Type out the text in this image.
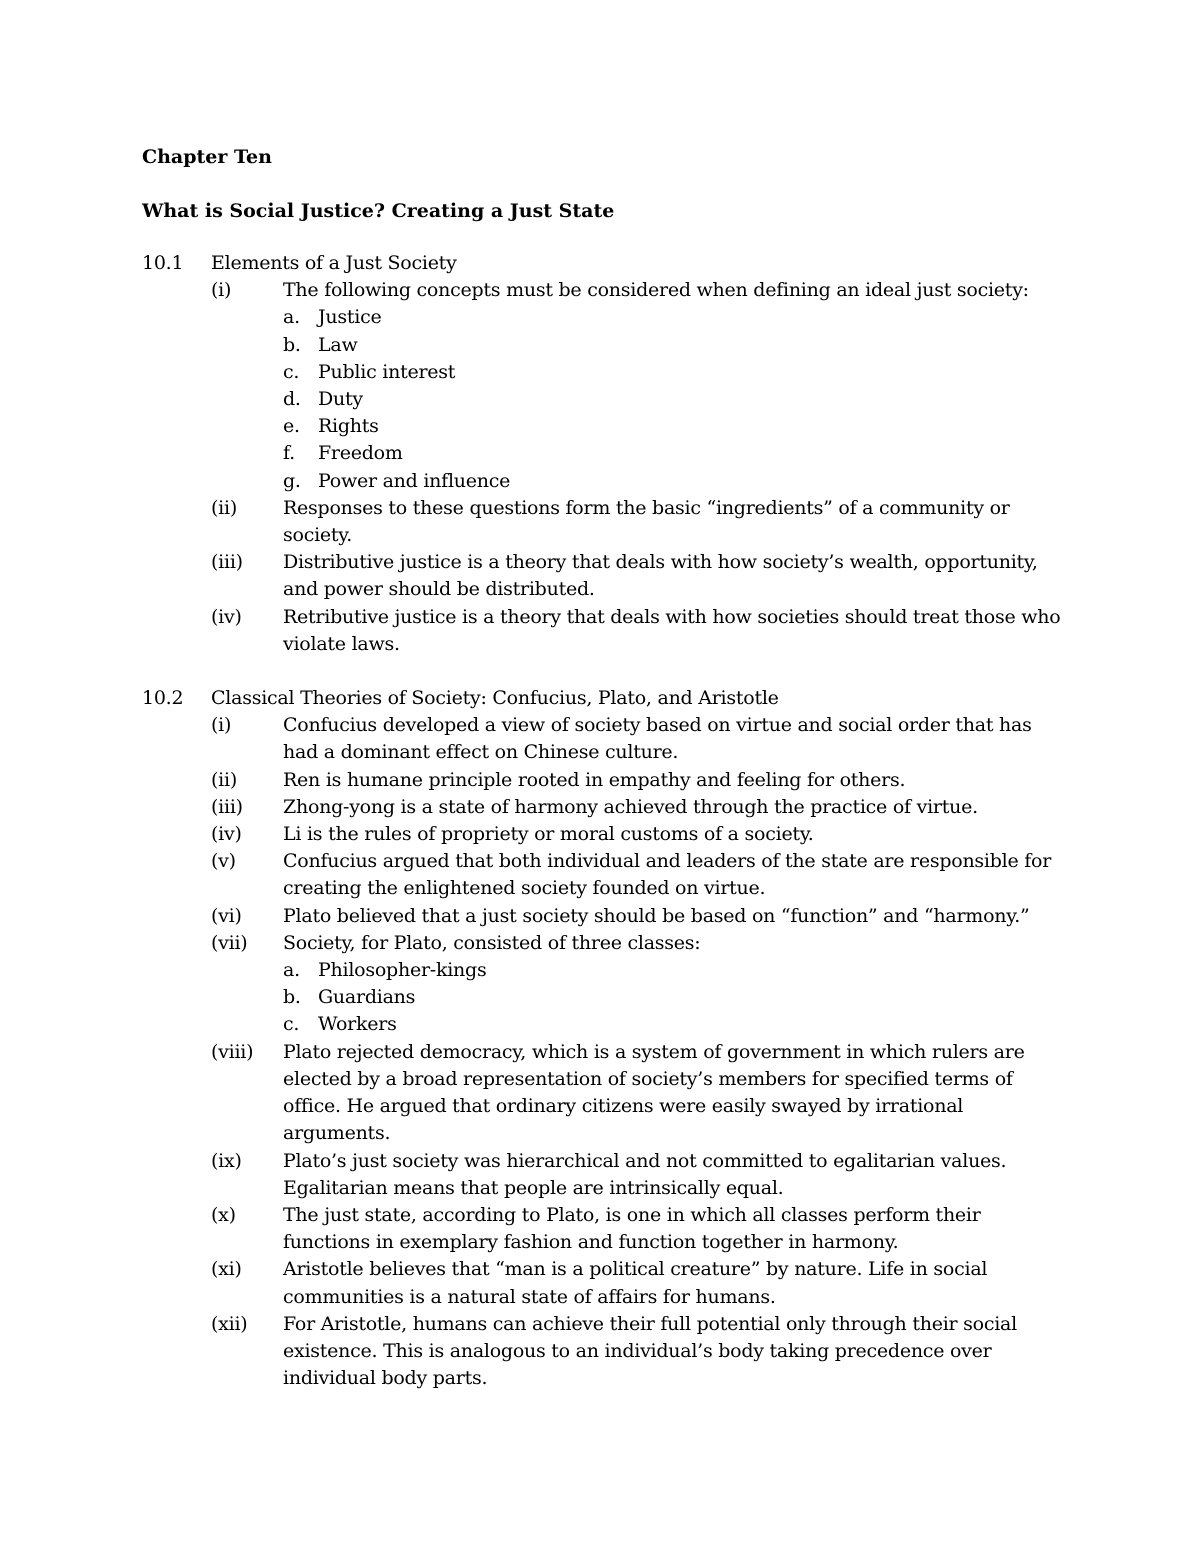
Chapter Ten
What is Social Justice? Creating a Just State
10.1 Elements of a Just Society
(i)	The following concepts must be considered when defining an ideal just society:
a. Justice
b. Law
c. Public interest
d. Duty
e. Rights
f. Freedom
g. Power and influence
(ii) Responses to these questions form the basic “ingredients” of a community or society.
(iii) Distributive justice is a theory that deals with how society’s wealth, opportunity, and power should be distributed.
(iv) Retributive justice is a theory that deals with how societies should treat those who violate laws.
10.2 Classical Theories of Society: Confucius, Plato, and Aristotle
(i)	Confucius developed a view of society based on virtue and social order that has had a dominant effect on Chinese culture.
(ii) Ren is humane principle rooted in empathy and feeling for others.
(iii) Zhong-yong is a state of harmony achieved through the practice of virtue.
(iv) Li is the rules of propriety or moral customs of a society.
(v) Confucius argued that both individual and leaders of the state are responsible for creating the enlightened society founded on virtue.
(vi) Plato believed that a just society should be based on “function” and “harmony.”
(vii) Society, for Plato, consisted of three classes:
a. Philosopher-kings
b. Guardians
c. Workers
(viii) Plato rejected democracy, which is a system of government in which rulers are elected by a broad representation of society’s members for specified terms of office. He argued that ordinary citizens were easily swayed by irrational arguments.
(ix) Plato’s just society was hierarchical and not committed to egalitarian values. Egalitarian means that people are intrinsically equal.
(x) The just state, according to Plato, is one in which all classes perform their functions in exemplary fashion and function together in harmony.
(xi) Aristotle believes that “man is a political creature” by nature. Life in social communities is a natural state of affairs for humans.
(xii) For Aristotle, humans can achieve their full potential only through their social existence. This is analogous to an individual’s body taking precedence over individual body parts.
